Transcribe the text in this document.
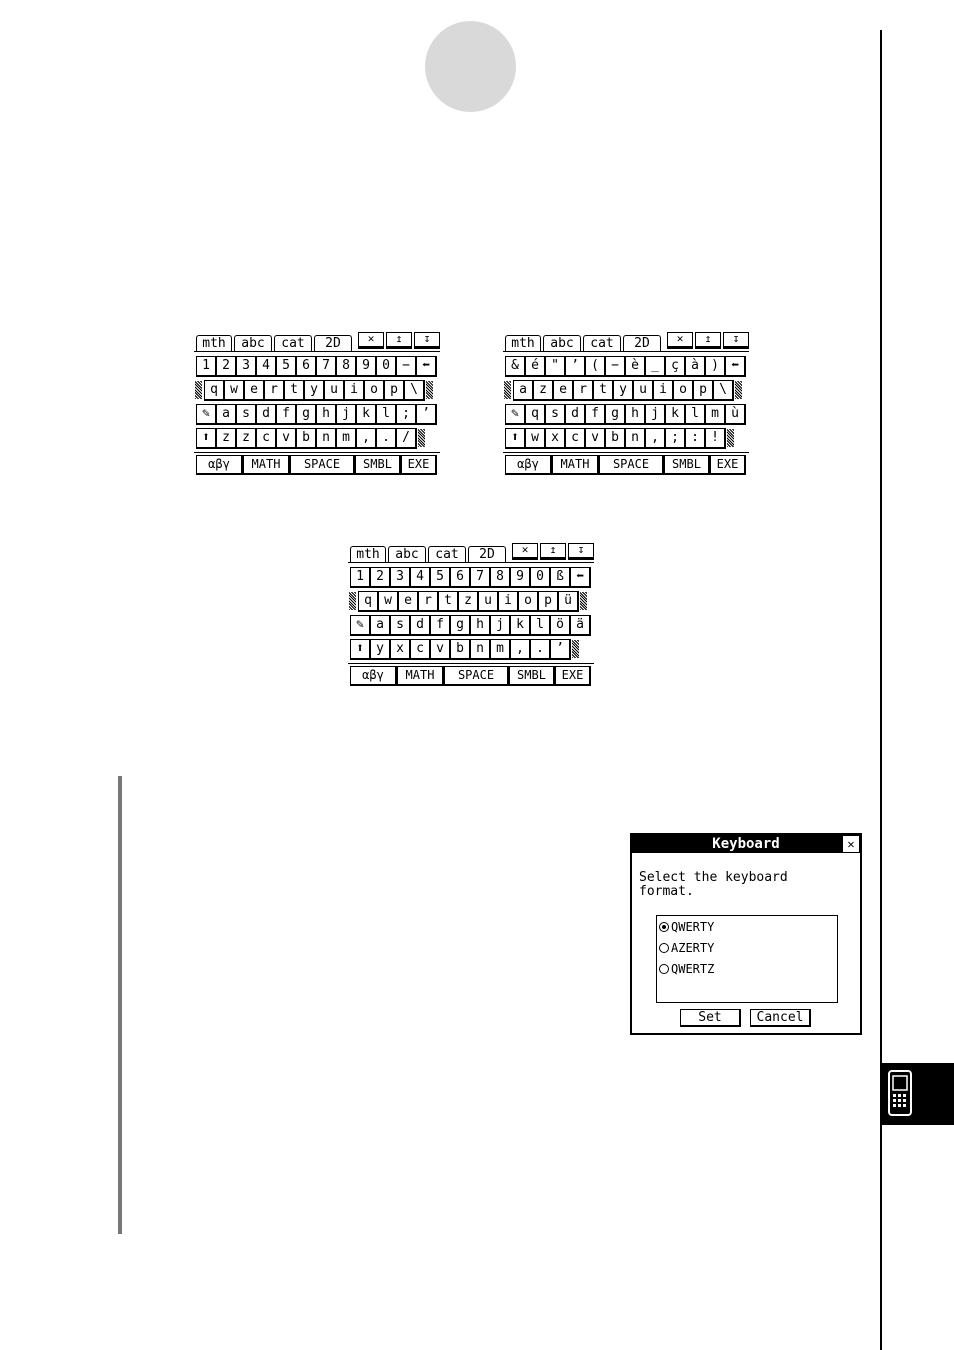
mth	abc	cat	2D	✕	↥	↧
1 2 3 4 5 6 7 8 9 0 − ⬅
q w e r t y u i o p \
✎ a s d f g h j k l ; ’
⬆ z z c v b n m , . /
αβγ	MATH	SPACE	SMBL	EXE
mth	abc	cat	2D	✕	↥	↧
& é " ’ ( − è _ ç à ) ⬅
a z e r t y u i o p \
✎ q s d f g h j k l m ù
⬆ w x c v b n , ; : !
αβγ	MATH	SPACE	SMBL	EXE
mth	abc	cat	2D	✕	↥	↧
1 2 3 4 5 6 7 8 9 0 ß ⬅
q w e r t z u i o p ü
✎ a s d f g h j k l ö ä
⬆ y x c v b n m , . ’
αβγ	MATH	SPACE	SMBL	EXE
Keyboard	✕
Select the keyboard
format.
QWERTY
AZERTY
QWERTZ
Set	Cancel
